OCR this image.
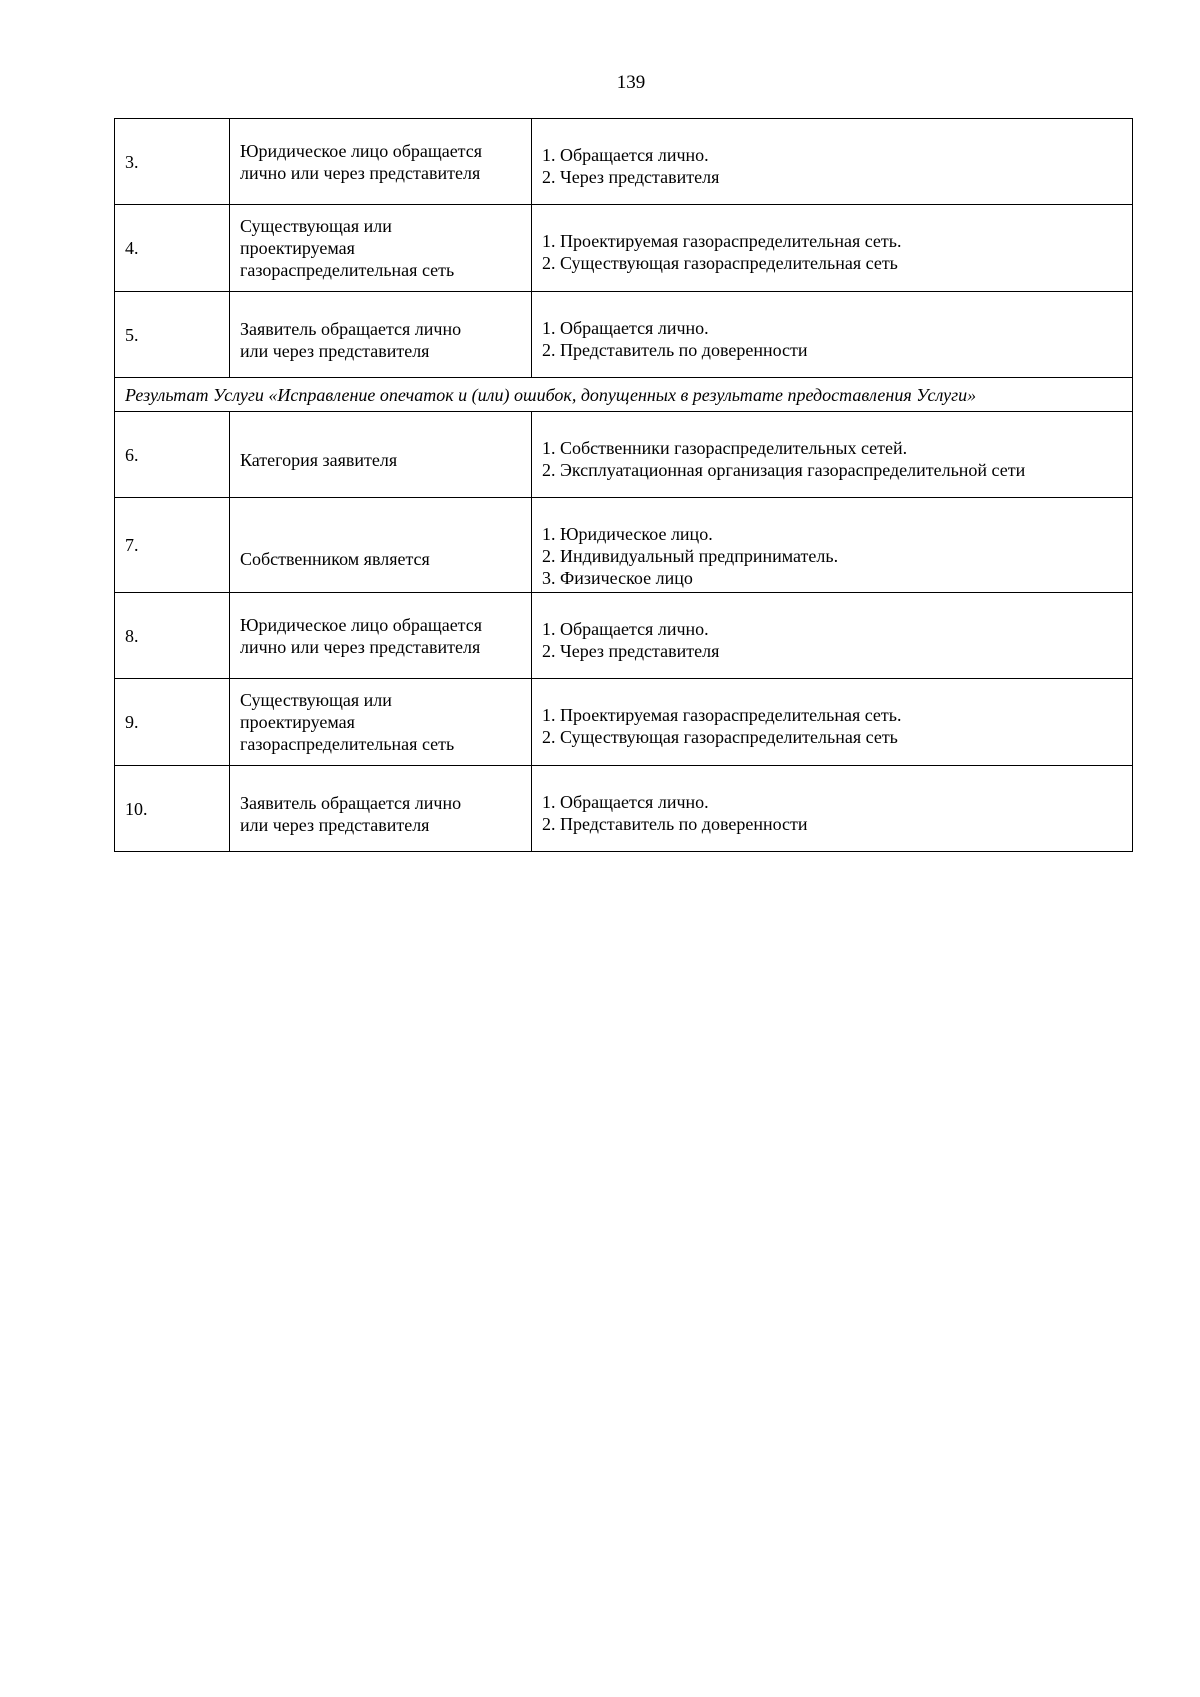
139
3.	Юридическое лицо обращается
лично или через представителя	1. Обращается лично.
2. Через представителя

4.	Существующая или
проектируемая
газораспределительная сеть	1. Проектируемая газораспределительная сеть.
2. Существующая газораспределительная сеть

5.	Заявитель обращается лично
или через представителя	1. Обращается лично.
2. Представитель по доверенности

Результат Услуги «Исправление опечаток и (или) ошибок, допущенных в результате предоставления Услуги»		
6.	Категория заявителя	1. Собственники газораспределительных сетей.
2. Эксплуатационная организация газораспределительной сети

7.	Собственником является	1. Юридическое лицо.
2. Индивидуальный предприниматель.
3. Физическое лицо

8.	Юридическое лицо обращается
лично или через представителя	1. Обращается лично.
2. Через представителя

9.	Существующая или
проектируемая
газораспределительная сеть	1. Проектируемая газораспределительная сеть.
2. Существующая газораспределительная сеть

10.	Заявитель обращается лично
или через представителя	1. Обращается лично.
2. Представитель по доверенности
